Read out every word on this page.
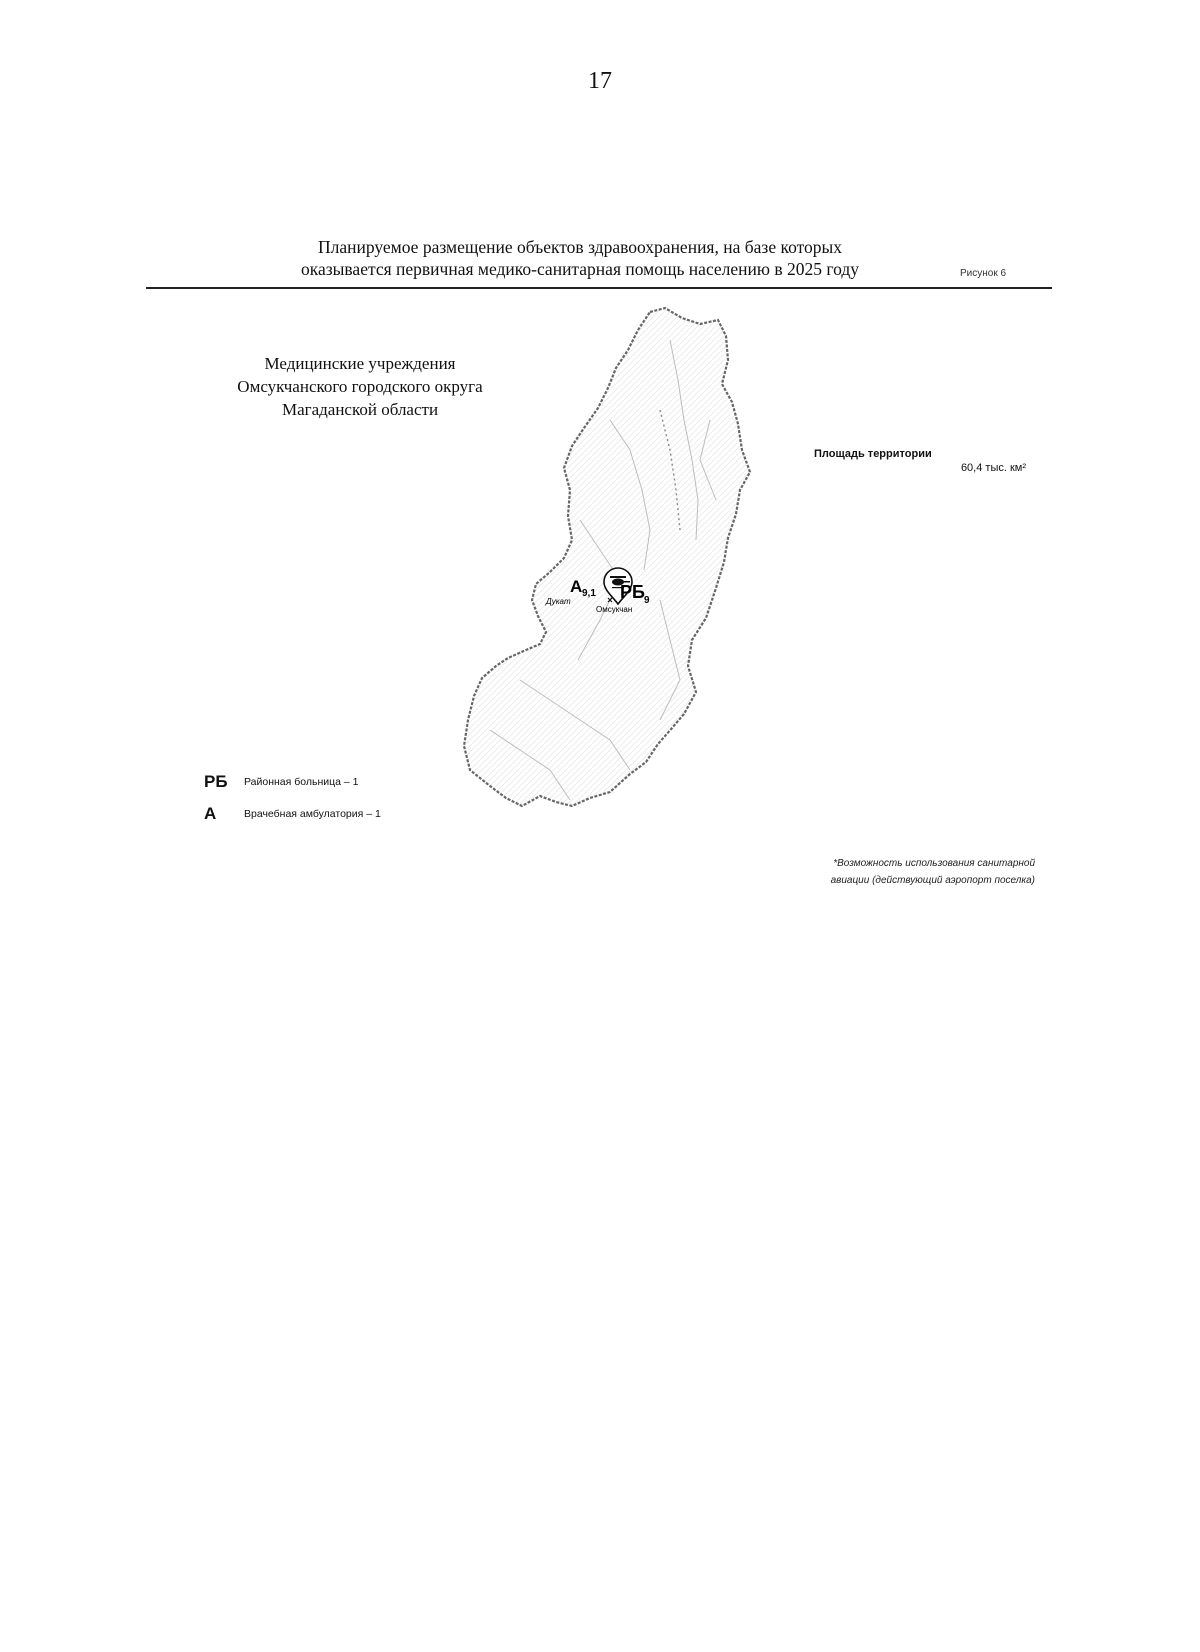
17
Планируемое размещение объектов здравоохранения, на базе которых
оказывается первичная медико-санитарная помощь населению в 2025 году	Рисунок 6
Медицинские учреждения
Омсукчанского городского округа
Магаданской области
Площадь территории
60,4 тыс. км²
А 9,1 РБ 9
Дукат
Омсукчан
РБ	Районная больница – 1
А	Врачебная амбулатория – 1
*Возможность использования санитарной
авиации (действующий аэропорт поселка)
